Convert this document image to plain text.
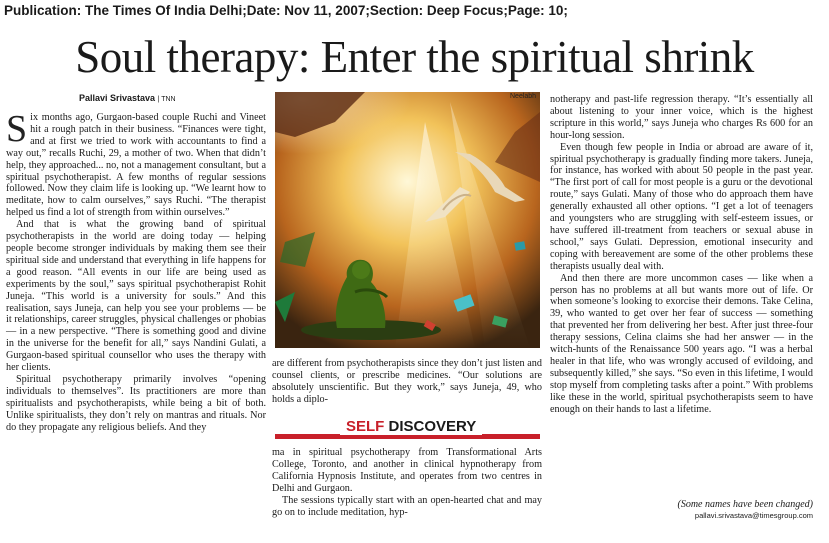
Publication: The Times Of India Delhi;Date: Nov 11, 2007;Section: Deep Focus;Page: 10;
Soul therapy: Enter the spiritual shrink
Pallavi Srivastava | TNN

Six months ago, Gurgaon-based couple Ruchi and Vineet hit a rough patch in their business. “Finances were tight, and at first we tried to work with accountants to find a way out,” recalls Ruchi, 29, a mother of two. When that didn’t help, they approached... no, not a management consultant, but a spiritual psychotherapist. A few months of regular sessions followed. Now they claim life is looking up. “We learnt how to meditate, how to calm ourselves,” says Ruchi. “The therapist helped us find a lot of strength from within ourselves.”

And that is what the growing band of spiritual psychotherapists in the world are doing today — helping people become stronger individuals by making them see their spiritual side and understand that everything in life happens for a good reason. “All events in our life are being used as experiments by the soul,” says spiritual psychotherapist Rohit Juneja. “This world is a university for souls.” And this realisation, says Juneja, can help you see your problems — be it relationships, career struggles, physical challenges or phobias — in a new perspective. “There is something good and divine in the universe for the benefit for all,” says Nandini Gulati, a Gurgaon-based spiritual counsellor who uses the therapy with her clients.

Spiritual psychotherapy primarily involves “opening individuals to themselves”. Its practitioners are more than spiritualists and psychotherapists, while being a bit of both. Unlike spiritualists, they don’t rely on mantras and rituals. Nor do they propagate any religious beliefs. And they

Neelabh

are different from psychotherapists since they don’t just listen and counsel clients, or prescribe medicines. “Our solutions are absolutely unscientific. But they work,” says Juneja, 49, who holds a diplo-

SELF DISCOVERY

ma in spiritual psychotherapy from Transformational Arts College, Toronto, and another in clinical hypnotherapy from California Hypnosis Institute, and operates from two centres in Delhi and Gurgaon.

The sessions typically start with an open-hearted chat and may go on to include meditation, hyp-

notherapy and past-life regression therapy. “It’s essentially all about listening to your inner voice, which is the highest scripture in this world,” says Juneja who charges Rs 600 for an hour-long session.

Even though few people in India or abroad are aware of it, spiritual psychotherapy is gradually finding more takers. Juneja, for instance, has worked with about 50 people in the past year. “The first port of call for most people is a guru or the devotional route,” says Gulati. Many of those who do approach them have generally exhausted all other options. “I get a lot of teenagers and youngsters who are struggling with self-esteem issues, or have suffered ill-treatment from teachers or sexual abuse in school,” says Gulati. Depression, emotional insecurity and coping with bereavement are some of the other problems these therapists usually deal with.

And then there are more uncommon cases — like when a person has no problems at all but wants more out of life. Or when someone’s looking to exorcise their demons. Take Celina, 39, who wanted to get over her fear of success — something that prevented her from delivering her best. After just three-four therapy sessions, Celina claims she had her answer — in the witch-hunts of the Renaissance 500 years ago. “I was a herbal healer in that life, who was wrongly accused of evildoing, and subsequently killed,” she says. “So even in this lifetime, I would stop myself from completing tasks after a point.” With problems like these in the world, spiritual psychotherapists seem to have enough on their hands to last a lifetime.

(Some names have been changed)
pallavi.srivastava@timesgroup.com
